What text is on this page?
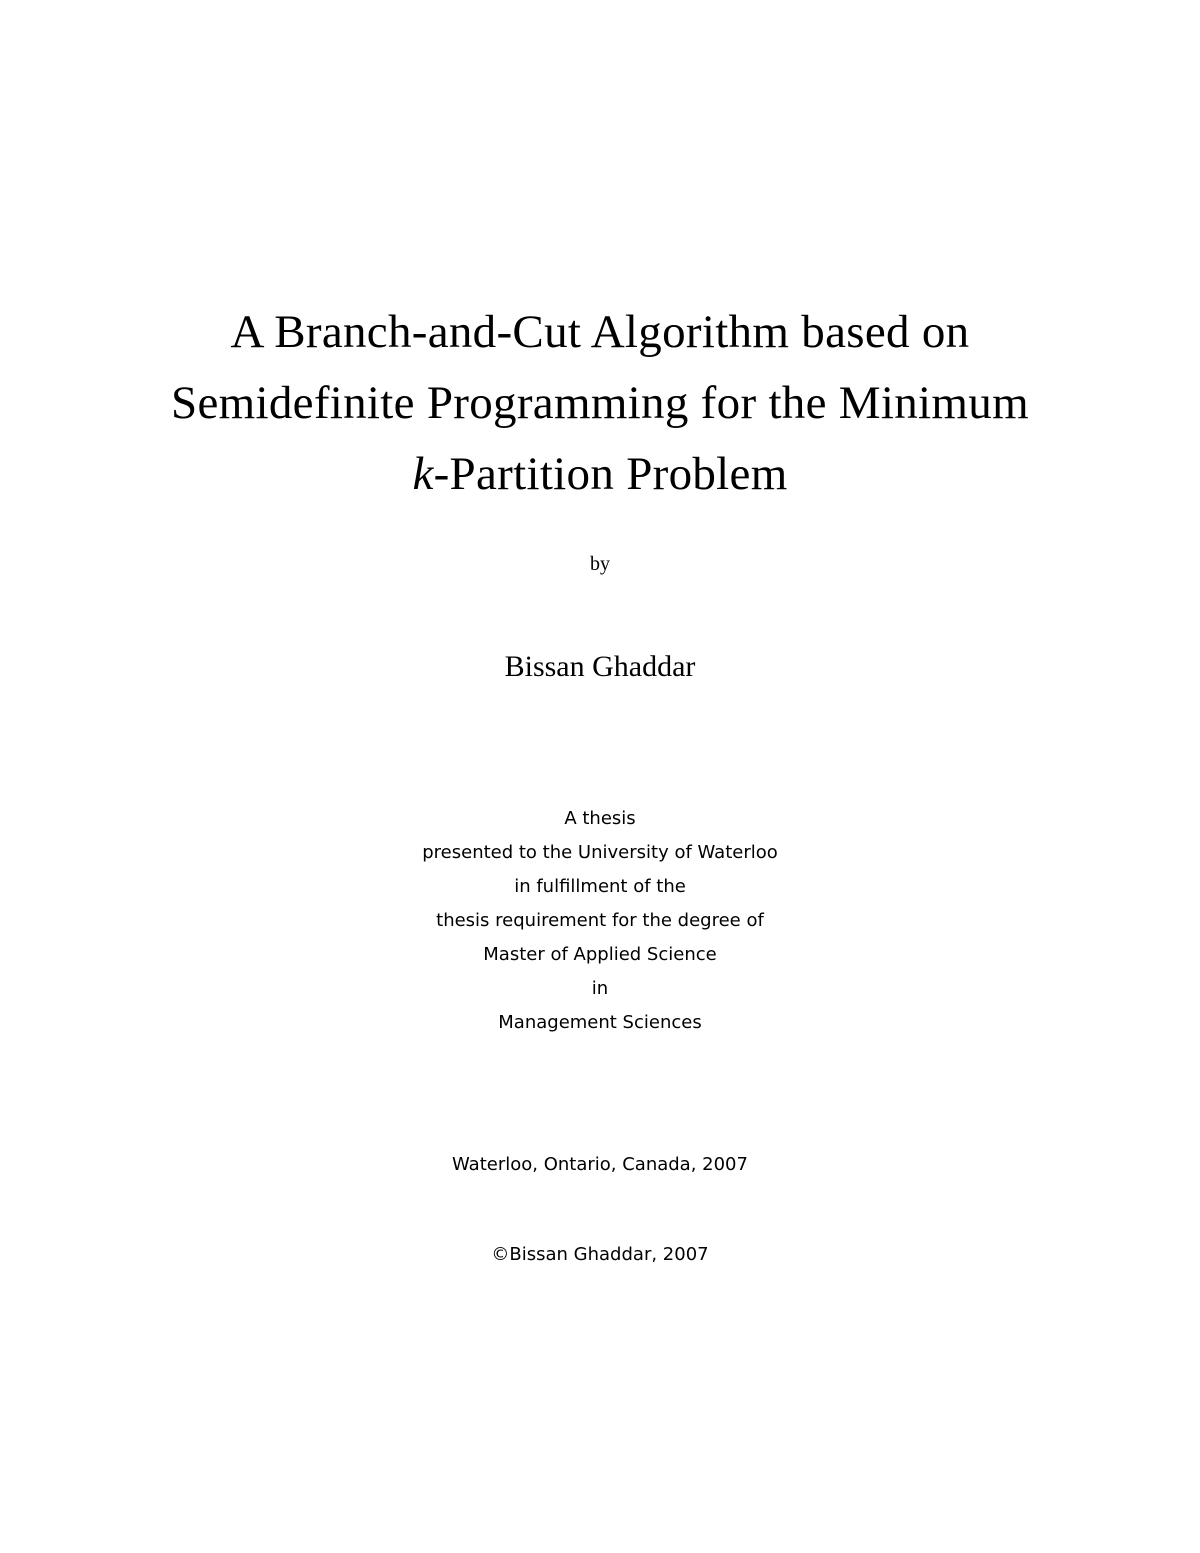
A Branch-and-Cut Algorithm based on
Semidefinite Programming for the Minimum
k-Partition Problem
by
Bissan Ghaddar
A thesis
presented to the University of Waterloo
in fulfillment of the
thesis requirement for the degree of
Master of Applied Science
in
Management Sciences
Waterloo, Ontario, Canada, 2007
©Bissan Ghaddar, 2007
